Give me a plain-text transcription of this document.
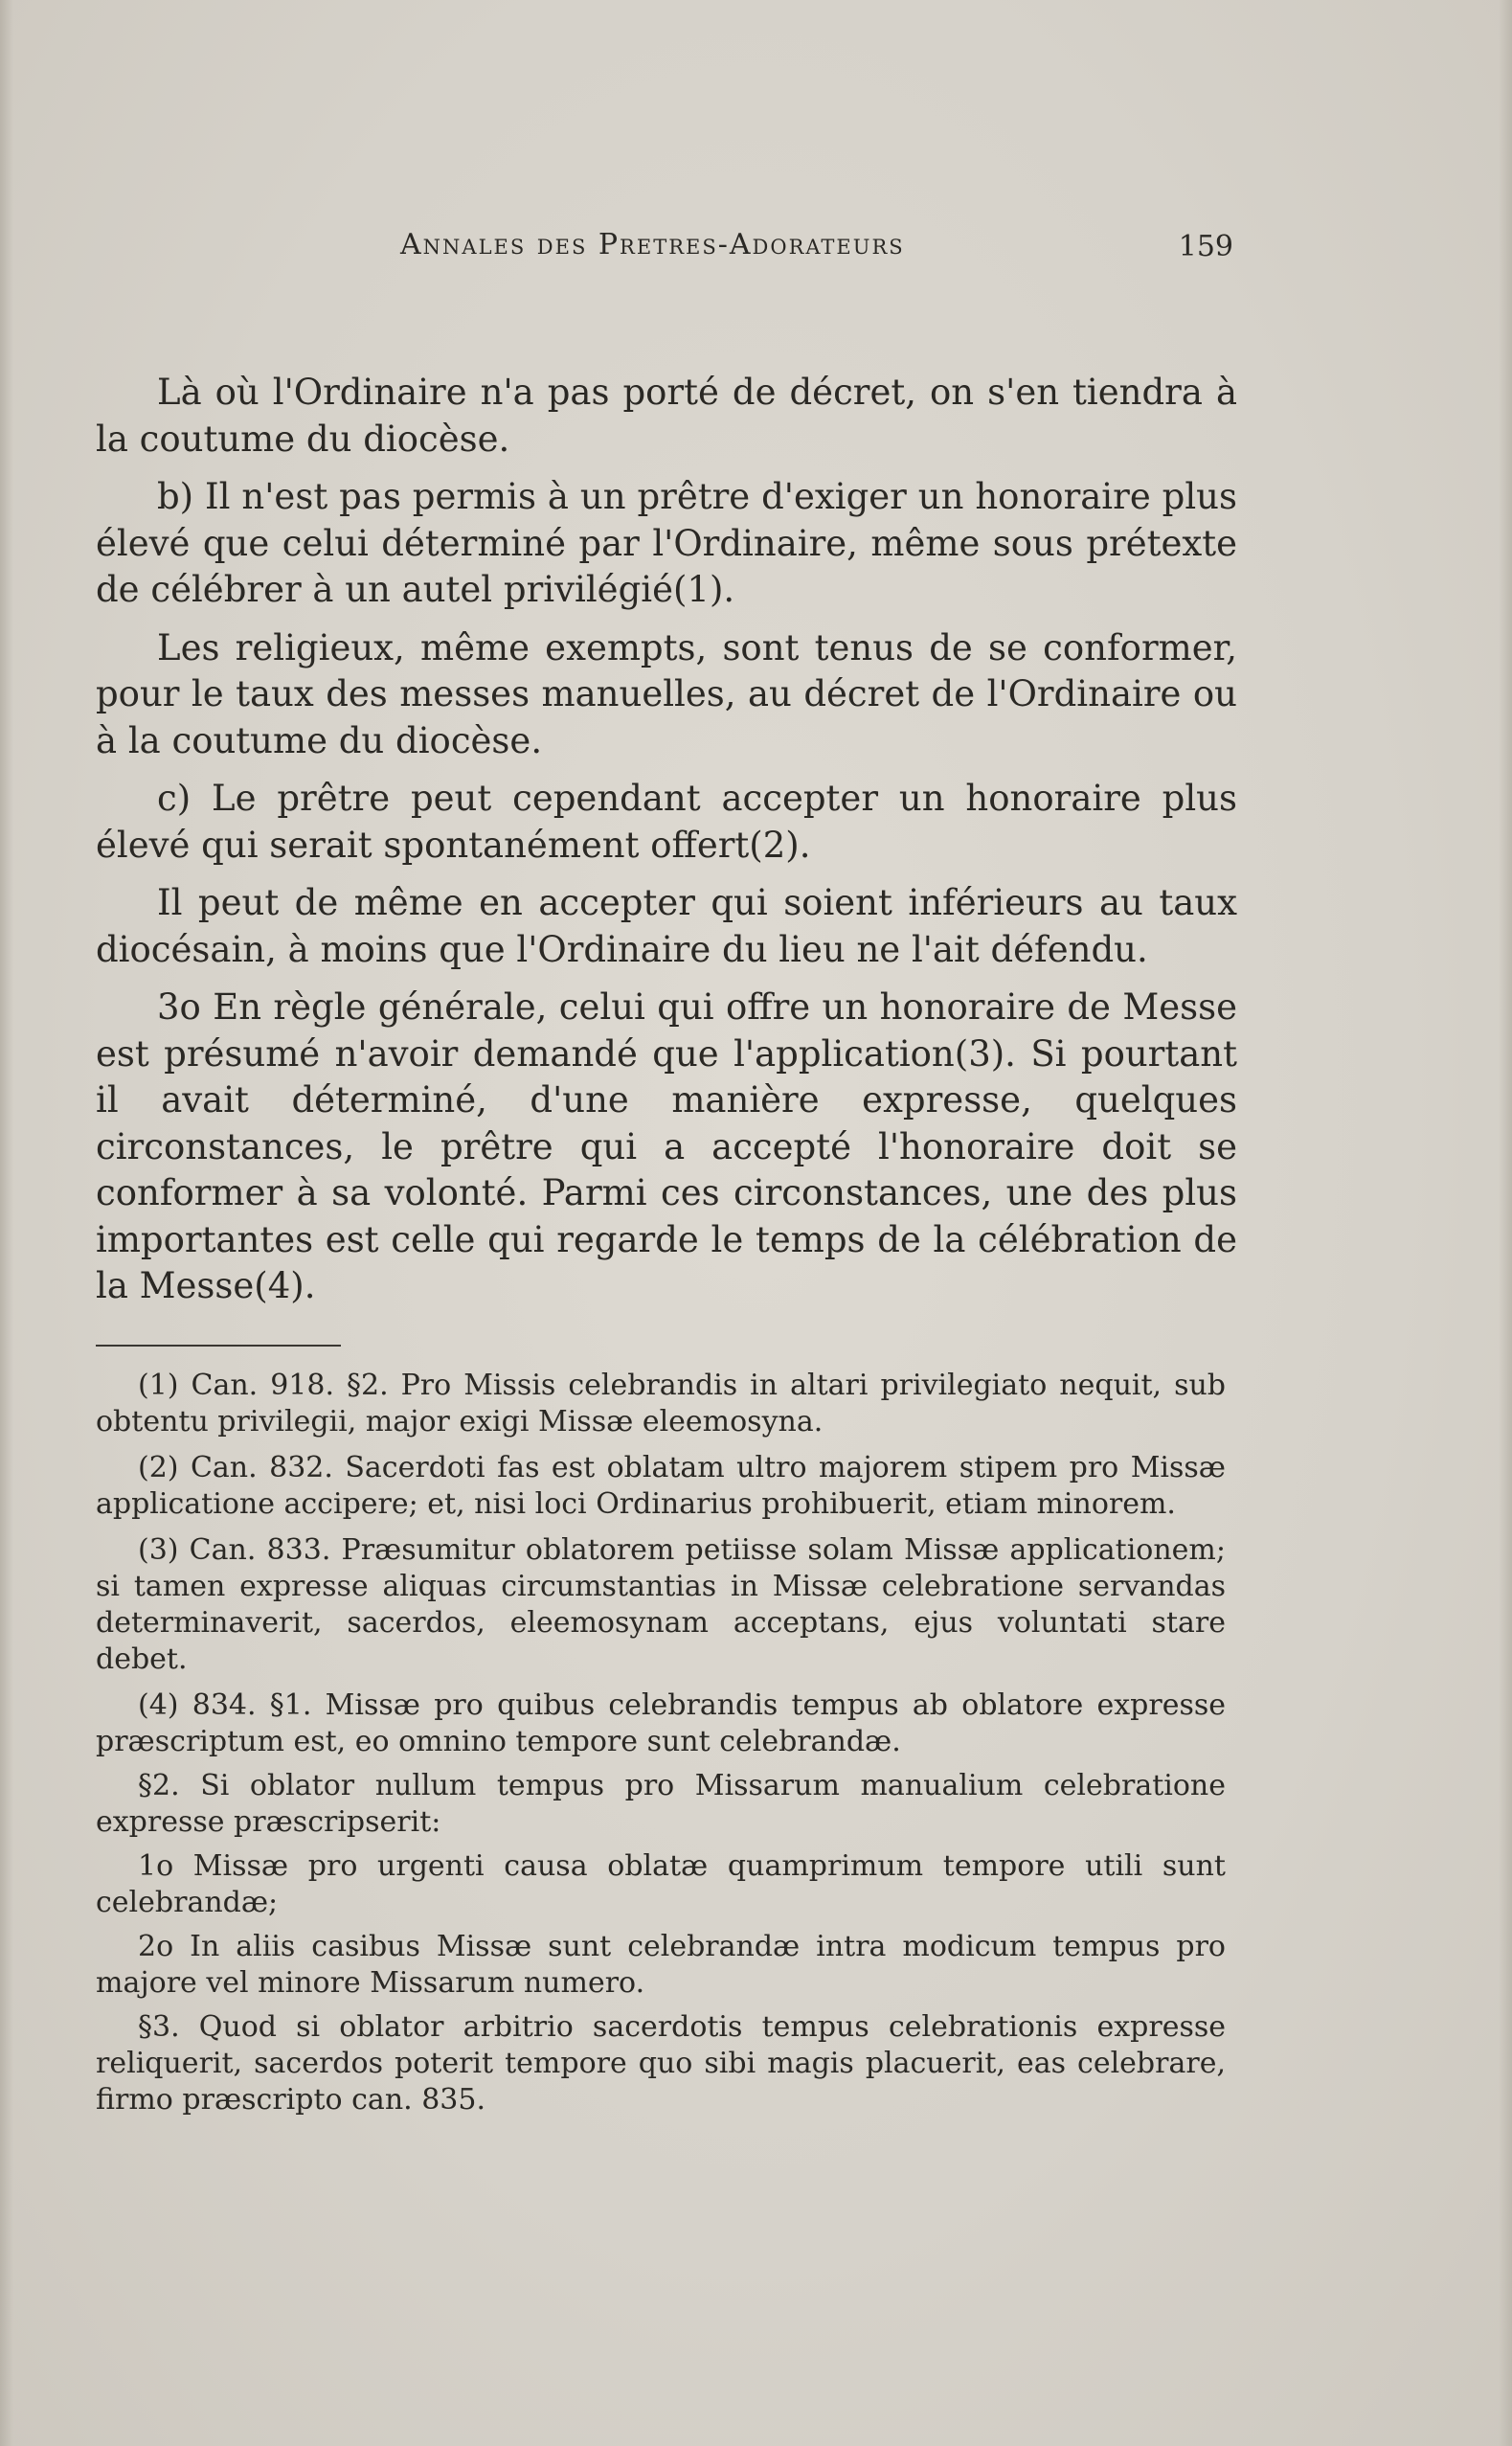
Annales des Pretres-Adorateurs	159

Là où l'Ordinaire n'a pas porté de décret, on s'en tiendra à la coutume du diocèse.

b) Il n'est pas permis à un prêtre d'exiger un honoraire plus élevé que celui déterminé par l'Ordinaire, même sous prétexte de célébrer à un autel privilégié(1).

Les religieux, même exempts, sont tenus de se conformer, pour le taux des messes manuelles, au décret de l'Ordinaire ou à la coutume du diocèse.

c) Le prêtre peut cependant accepter un honoraire plus élevé qui serait spontanément offert(2).

Il peut de même en accepter qui soient inférieurs au taux diocésain, à moins que l'Ordinaire du lieu ne l'ait défendu.

3o En règle générale, celui qui offre un honoraire de Messe est présumé n'avoir demandé que l'application(3). Si pourtant il avait déterminé, d'une manière expresse, quelques circonstances, le prêtre qui a accepté l'honoraire doit se conformer à sa volonté. Parmi ces circonstances, une des plus importantes est celle qui regarde le temps de la célébration de la Messe(4).

(1) Can. 918. §2. Pro Missis celebrandis in altari privilegiato nequit, sub obtentu privilegii, major exigi Missæ eleemosyna.

(2) Can. 832. Sacerdoti fas est oblatam ultro majorem stipem pro Missæ applicatione accipere; et, nisi loci Ordinarius prohibuerit, etiam minorem.

(3) Can. 833. Præsumitur oblatorem petiisse solam Missæ applicationem; si tamen expresse aliquas circumstantias in Missæ celebratione servandas determinaverit, sacerdos, eleemosynam acceptans, ejus voluntati stare debet.

(4) 834. §1. Missæ pro quibus celebrandis tempus ab oblatore expresse præscriptum est, eo omnino tempore sunt celebrandæ.

§2. Si oblator nullum tempus pro Missarum manualium celebratione expresse præscripserit:

1o Missæ pro urgenti causa oblatæ quamprimum tempore utili sunt celebrandæ;

2o In aliis casibus Missæ sunt celebrandæ intra modicum tempus pro majore vel minore Missarum numero.

§3. Quod si oblator arbitrio sacerdotis tempus celebrationis expresse reliquerit, sacerdos poterit tempore quo sibi magis placuerit, eas celebrare, firmo præscripto can. 835.
